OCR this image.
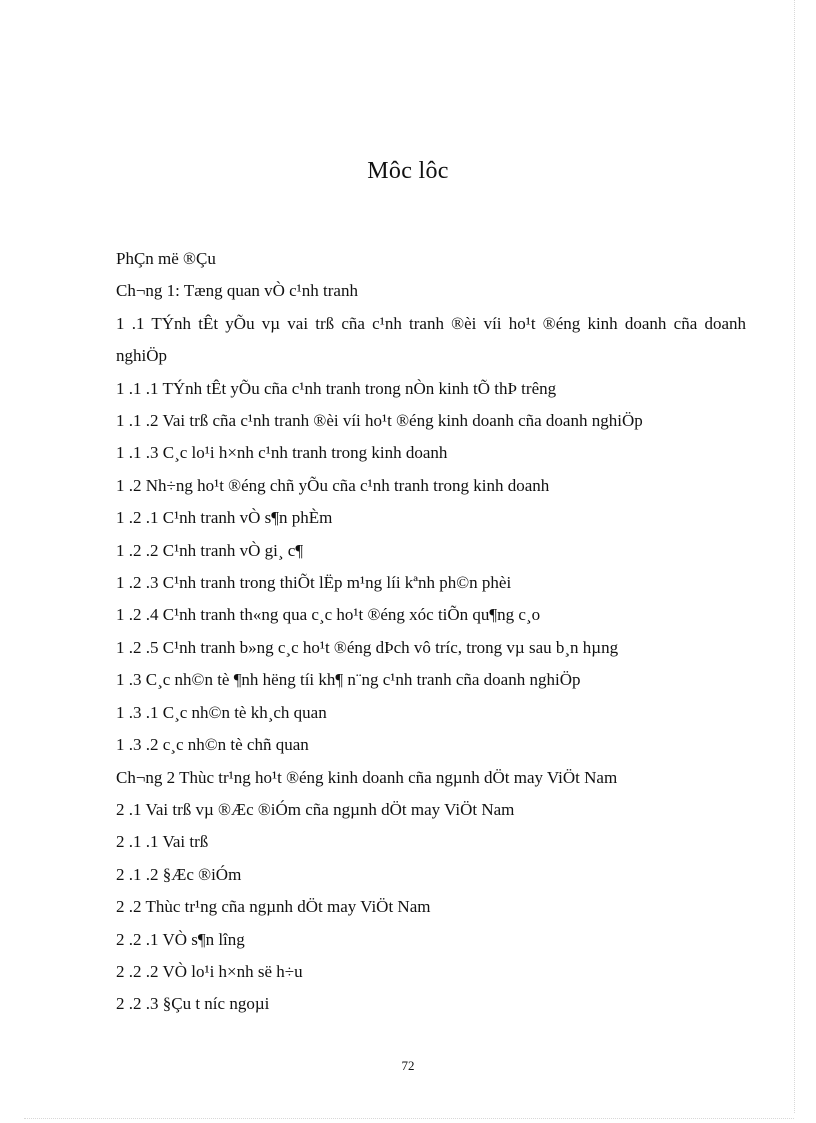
Môc lôc
PhÇn më ®Çu
Ch¬ng 1: Tæng quan vÒ c¹nh tranh
1 .1 TÝnh tÊt yÕu vµ vai trß cña c¹nh tranh ®èi víi ho¹t ®éng kinh doanh cña doanh nghiÖp
1 .1 .1 TÝnh tÊt yÕu cña c¹nh tranh trong nÒn kinh tÕ thÞ trêng
1 .1 .2 Vai trß cña c¹nh tranh ®èi víi ho¹t ®éng kinh doanh cña doanh nghiÖp
1 .1 .3 C¸c lo¹i h×nh c¹nh tranh trong kinh doanh
1 .2 Nh÷ng ho¹t ®éng chñ yÕu cña c¹nh tranh trong kinh doanh
1 .2 .1 C¹nh tranh vÒ s¶n phÈm
1 .2 .2 C¹nh tranh vÒ gi¸ c¶
1 .2 .3 C¹nh tranh trong thiÕt lËp m¹ng líi kªnh ph©n phèi
1 .2 .4 C¹nh tranh th«ng qua c¸c ho¹t ®éng xóc tiÕn qu¶ng c¸o
1 .2 .5 C¹nh tranh b»ng c¸c ho¹t ®éng dÞch vô tríc, trong vµ sau b¸n hµng
1 .3 C¸c nh©n tè ¶nh hëng tíi kh¶ n¨ng c¹nh tranh cña doanh nghiÖp
1 .3 .1 C¸c nh©n tè kh¸ch quan
1 .3 .2 c¸c nh©n tè chñ quan
Ch¬ng 2 Thùc tr¹ng ho¹t ®éng kinh doanh cña ngµnh dÖt may ViÖt Nam
2 .1 Vai trß vµ ®Æc ®iÓm cña ngµnh dÖt may ViÖt Nam
2 .1 .1 Vai trß
2 .1 .2 §Æc ®iÓm
2 .2 Thùc tr¹ng cña ngµnh dÖt may ViÖt Nam
2 .2 .1 VÒ s¶n lîng
2 .2 .2 VÒ lo¹i h×nh së h÷u
2 .2 .3 §Çu t níc ngoµi
72
